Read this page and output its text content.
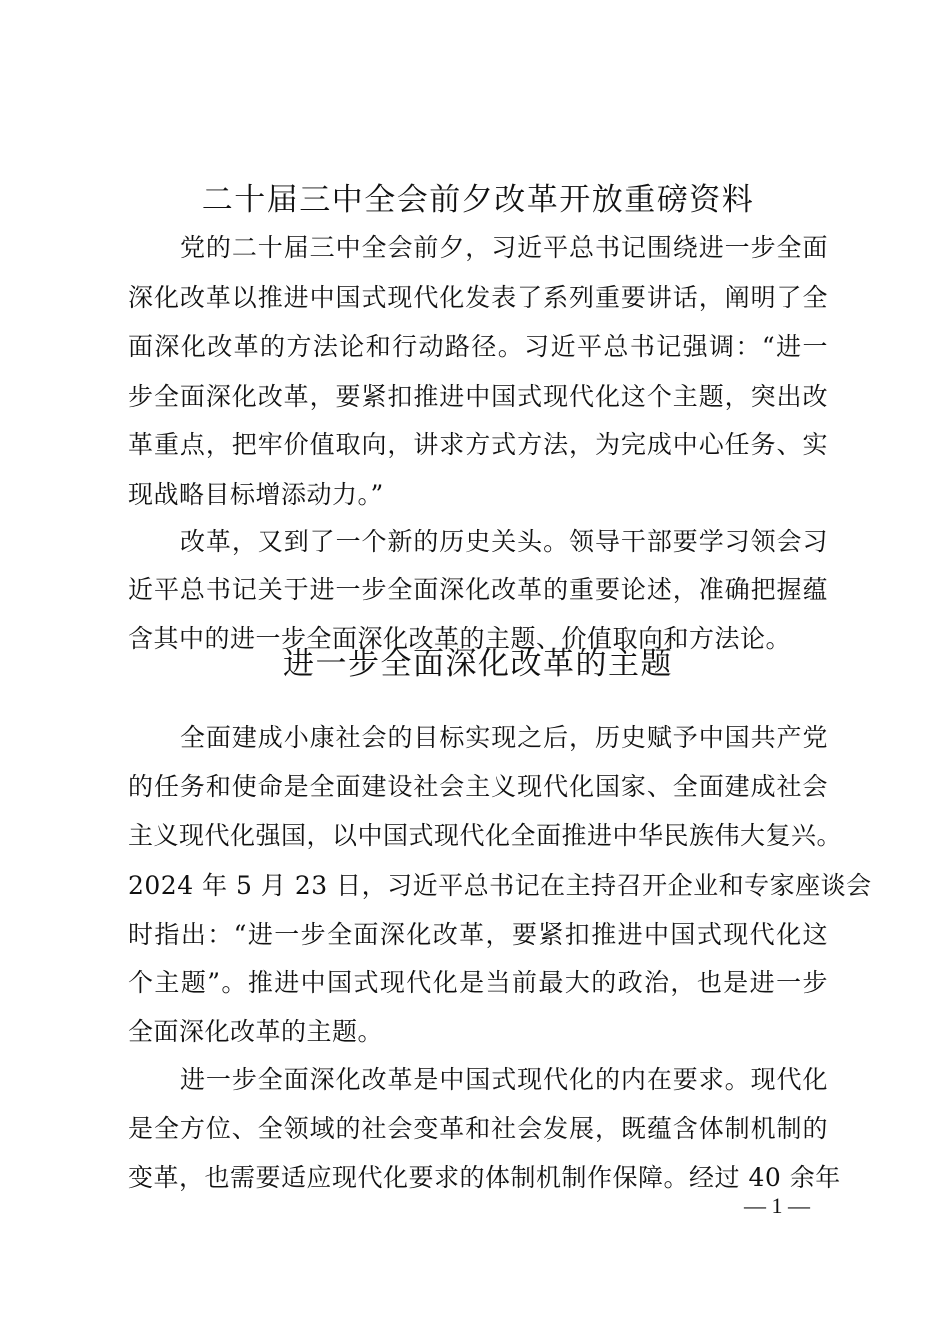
二十届三中全会前夕改革开放重磅资料
党的二十届三中全会前夕，习近平总书记围绕进一步全面
深化改革以推进中国式现代化发表了系列重要讲话，阐明了全
面深化改革的方法论和行动路径。习近平总书记强调：“进一
步全面深化改革，要紧扣推进中国式现代化这个主题，突出改
革重点，把牢价值取向，讲求方式方法，为完成中心任务、实
现战略目标增添动力。”
改革，又到了一个新的历史关头。领导干部要学习领会习
近平总书记关于进一步全面深化改革的重要论述，准确把握蕴
含其中的进一步全面深化改革的主题、价值取向和方法论。
进一步全面深化改革的主题
全面建成小康社会的目标实现之后，历史赋予中国共产党
的任务和使命是全面建设社会主义现代化国家、全面建成社会
主义现代化强国，以中国式现代化全面推进中华民族伟大复兴。
2024 年 5 月 23 日，习近平总书记在主持召开企业和专家座谈会
时指出：“进一步全面深化改革，要紧扣推进中国式现代化这
个主题”。推进中国式现代化是当前最大的政治，也是进一步
全面深化改革的主题。
进一步全面深化改革是中国式现代化的内在要求。现代化
是全方位、全领域的社会变革和社会发展，既蕴含体制机制的
变革，也需要适应现代化要求的体制机制作保障。经过 40 余年
— 1 —
